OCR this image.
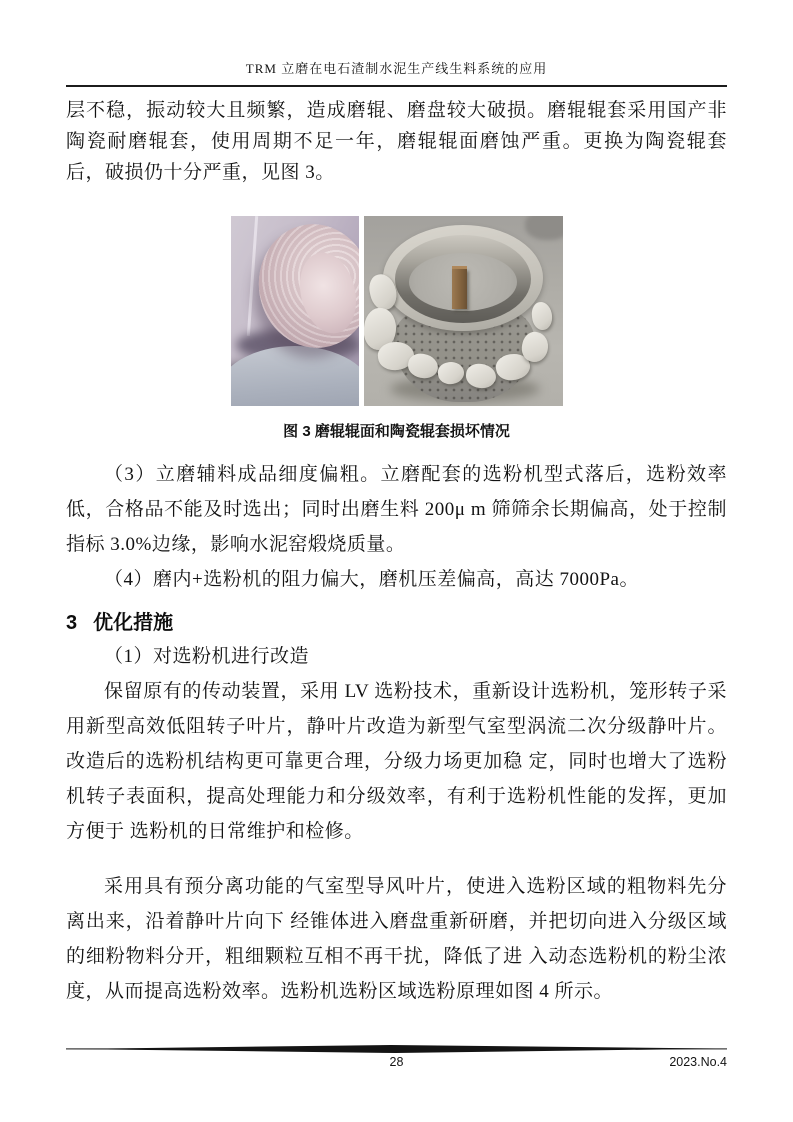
TRM 立磨在电石渣制水泥生产线生料系统的应用

层不稳，振动较大且频繁，造成磨辊、磨盘较大破损。磨辊辊套采用国产非陶瓷耐磨辊套，使用周期不足一年，磨辊辊面磨蚀严重。更换为陶瓷辊套后，破损仍十分严重，见图 3。

图 3 磨辊辊面和陶瓷辊套损坏情况

（3）立磨辅料成品细度偏粗。立磨配套的选粉机型式落后，选粉效率低，合格品不能及时选出；同时出磨生料 200μ m 筛筛余长期偏高，处于控制指标 3.0%边缘，影响水泥窑煅烧质量。

（4）磨内+选粉机的阻力偏大，磨机压差偏高，高达 7000Pa。

3 优化措施

（1）对选粉机进行改造

保留原有的传动装置，采用 LV 选粉技术，重新设计选粉机，笼形转子采用新型高效低阻转子叶片，静叶片改造为新型气室型涡流二次分级静叶片。改造后的选粉机结构更可靠更合理，分级力场更加稳 定，同时也增大了选粉机转子表面积，提高处理能力和分级效率，有利于选粉机性能的发挥，更加方便于 选粉机的日常维护和检修。

采用具有预分离功能的气室型导风叶片，使进入选粉区域的粗物料先分离出来，沿着静叶片向下 经锥体进入磨盘重新研磨，并把切向进入分级区域 的细粉物料分开，粗细颗粒互相不再干扰，降低了进 入动态选粉机的粉尘浓度，从而提高选粉效率。选粉机选粉区域选粉原理如图 4 所示。

28	2023.No.4
